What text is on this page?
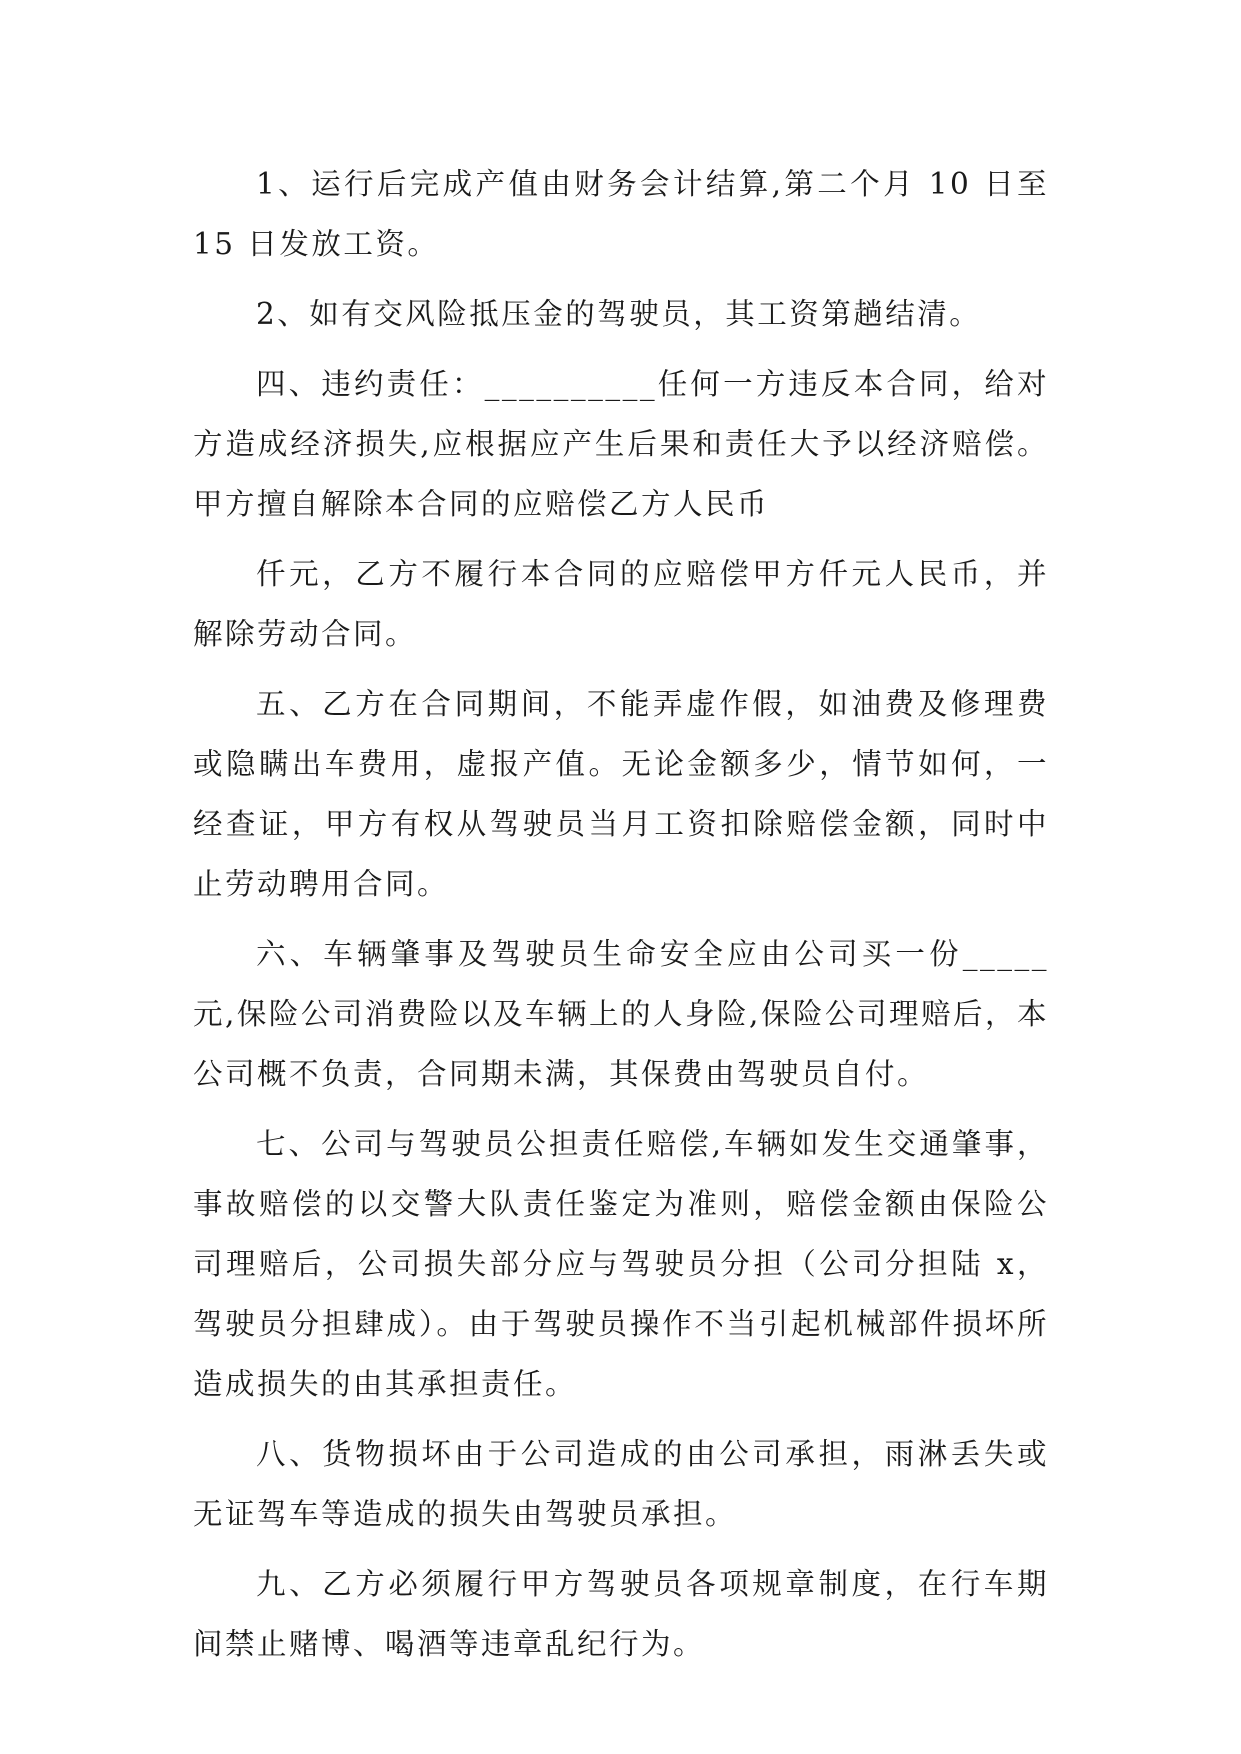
1、运行后完成产值由财务会计结算,第二个月 10 日至 15 日发放工资。

2、如有交风险抵压金的驾驶员，其工资第趟结清。

四、违约责任：__________任何一方违反本合同，给对方造成经济损失,应根据应产生后果和责任大予以经济赔偿。甲方擅自解除本合同的应赔偿乙方人民币

仟元，乙方不履行本合同的应赔偿甲方仟元人民币，并解除劳动合同。

五、乙方在合同期间，不能弄虚作假，如油费及修理费或隐瞒出车费用，虚报产值。无论金额多少，情节如何，一经查证，甲方有权从驾驶员当月工资扣除赔偿金额，同时中止劳动聘用合同。

六、车辆肇事及驾驶员生命安全应由公司买一份_____元,保险公司消费险以及车辆上的人身险,保险公司理赔后，本公司概不负责，合同期未满，其保费由驾驶员自付。

七、公司与驾驶员公担责任赔偿,车辆如发生交通肇事，事故赔偿的以交警大队责任鉴定为准则，赔偿金额由保险公司理赔后，公司损失部分应与驾驶员分担（公司分担陆 x，驾驶员分担肆成）。由于驾驶员操作不当引起机械部件损坏所造成损失的由其承担责任。

八、货物损坏由于公司造成的由公司承担，雨淋丢失或无证驾车等造成的损失由驾驶员承担。

九、乙方必须履行甲方驾驶员各项规章制度，在行车期间禁止赌博、喝酒等违章乱纪行为。
